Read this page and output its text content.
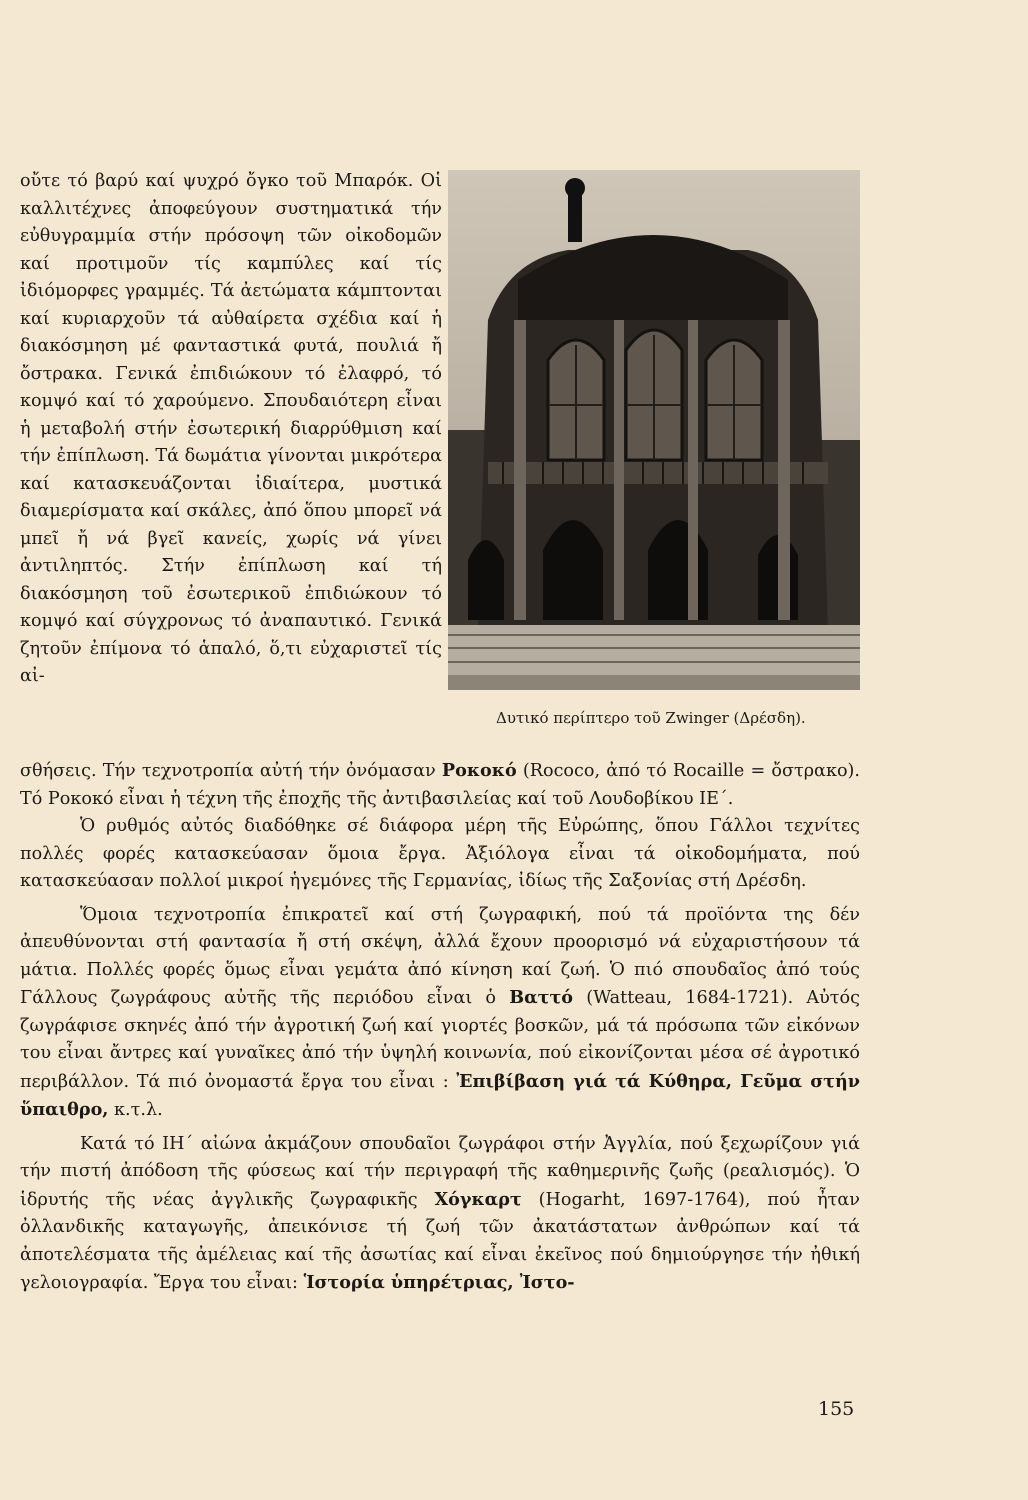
οὔτε τό βαρύ καί ψυχρό ὄγκο τοῦ Μπαρόκ. Οἱ καλλιτέχνες ἀποφεύγουν συστηματικά τήν εὐθυγραμμία στήν πρόσοψη τῶν οἰκοδομῶν καί προτιμοῦν τίς καμπύλες καί τίς ἰδιόμορφες γραμμές. Τά ἀετώματα κάμπτονται καί κυριαρχοῦν τά αὐθαίρετα σχέδια καί ἡ διακόσμηση μέ φανταστικά φυτά, πουλιά ἤ ὄστρακα. Γενικά ἐπιδιώκουν τό ἐλαφρό, τό κομψό καί τό χαρούμενο. Σπουδαιότερη εἶναι ἡ μεταβολή στήν ἐσωτερική διαρρύθμιση καί τήν ἐπίπλωση. Τά δωμάτια γίνονται μικρότερα καί κατασκευάζονται ἰδιαίτερα, μυστικά διαμερίσματα καί σκάλες, ἀπό ὅπου μπορεῖ νά μπεῖ ἤ νά βγεῖ κανείς, χωρίς νά γίνει ἀντιληπτός. Στήν ἐπίπλωση καί τή διακόσμηση τοῦ ἐσωτερικοῦ ἐπιδιώκουν τό κομψό καί σύγχρονως τό ἀναπαυτικό. Γενικά ζητοῦν ἐπίμονα τό ἁπαλό, ὅ,τι εὐχαριστεῖ τίς αἰ-

Δυτικό περίπτερο τοῦ Zwinger (Δρέσδη).

σθήσεις. Τήν τεχνοτροπία αὐτή τήν ὀνόμασαν Ροκοκό (Rococo, ἀπό τό Rocaille = ὄστρακο). Τό Ροκοκό εἶναι ἡ τέχνη τῆς ἐποχῆς τῆς ἀντιβασιλείας καί τοῦ Λουδοβίκου ΙΕ΄.

Ὁ ρυθμός αὐτός διαδόθηκε σέ διάφορα μέρη τῆς Εὐρώπης, ὅπου Γάλλοι τεχνίτες πολλές φορές κατασκεύασαν ὅμοια ἔργα. Ἀξιόλογα εἶναι τά οἰκοδομήματα, πού κατασκεύασαν πολλοί μικροί ἡγεμόνες τῆς Γερμανίας, ἰδίως τῆς Σαξονίας στή Δρέσδη.

Ὅμοια τεχνοτροπία ἐπικρατεῖ καί στή ζωγραφική, πού τά προϊόντα της δέν ἀπευθύνονται στή φαντασία ἤ στή σκέψη, ἀλλά ἔχουν προορισμό νά εὐχαριστήσουν τά μάτια. Πολλές φορές ὅμως εἶναι γεμάτα ἀπό κίνηση καί ζωή. Ὁ πιό σπουδαῖος ἀπό τούς Γάλλους ζωγράφους αὐτῆς τῆς περιόδου εἶναι ὁ Βαττό (Watteau, 1684-1721). Αὐτός ζωγράφισε σκηνές ἀπό τήν ἀγροτική ζωή καί γιορτές βοσκῶν, μά τά πρόσωπα τῶν εἰκόνων του εἶναι ἄντρες καί γυναῖκες ἀπό τήν ὑψηλή κοινωνία, πού εἰκονίζονται μέσα σέ ἀγροτικό περιβάλλον. Τά πιό ὀνομαστά ἔργα του εἶναι : Ἐπιβίβαση γιά τά Κύθηρα, Γεῦμα στήν ὕπαιθρο, κ.τ.λ.

Κατά τό ΙΗ΄ αἰώνα ἀκμάζουν σπουδαῖοι ζωγράφοι στήν Ἀγγλία, πού ξεχωρίζουν γιά τήν πιστή ἀπόδοση τῆς φύσεως καί τήν περιγραφή τῆς καθημερινῆς ζωῆς (ρεαλισμός). Ὁ ἱδρυτής τῆς νέας ἀγγλικῆς ζωγραφικῆς Χόγκαρτ (Hogarht, 1697-1764), πού ἦταν ὀλλανδικῆς καταγωγῆς, ἀπεικόνισε τή ζωή τῶν ἀκατάστατων ἀνθρώπων καί τά ἀποτελέσματα τῆς ἀμέλειας καί τῆς ἀσωτίας καί εἶναι ἐκεῖνος πού δημιούργησε τήν ἠθική γελοιογραφία. Ἔργα του εἶναι: Ἱστορία ὑπηρέτριας, Ἰστο-

155
